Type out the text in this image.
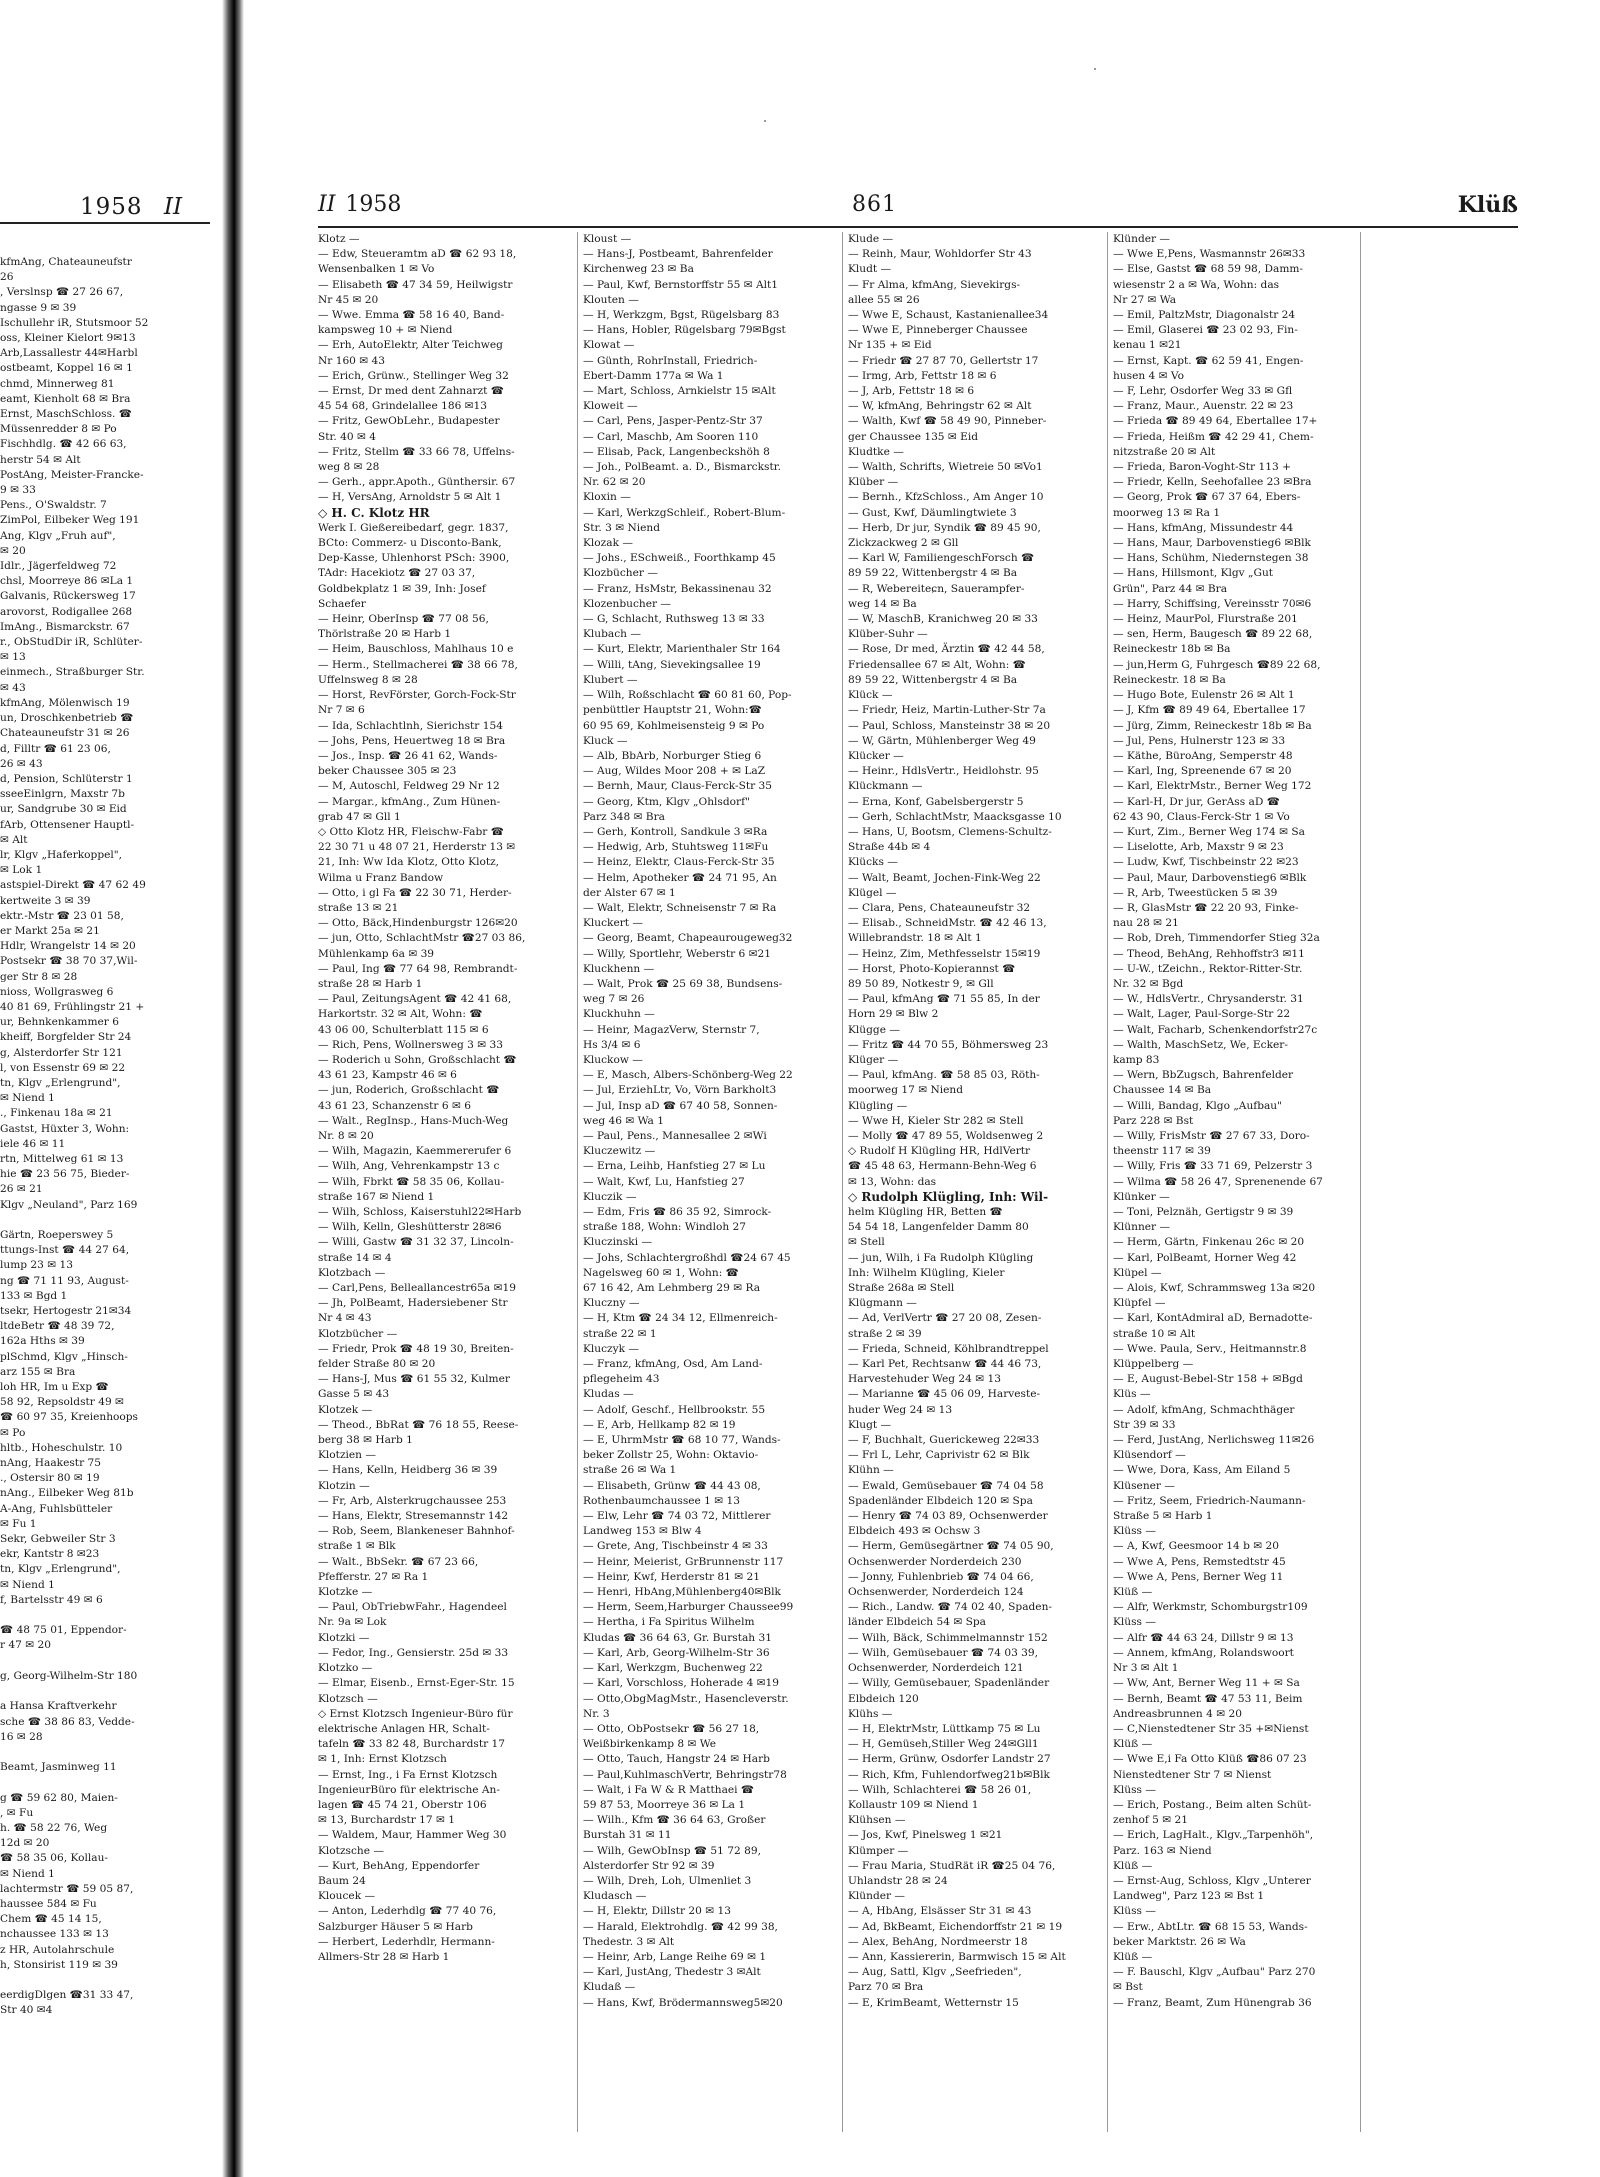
1958 II
kfmAng, Chateauneufstr
26
, Verslnsp ☎ 27 26 67,
ngasse 9 ✉ 39
Ischullehr iR, Stutsmoor 52
oss, Kleiner Kielort 9✉13
Arb,Lassallestr 44✉Harbl
ostbeamt, Koppel 16 ✉ 1
chmd, Minnerweg 81
eamt, Kienholt 68 ✉ Bra
Ernst, MaschSchloss. ☎
Müssenredder 8 ✉ Po
Fischhdlg. ☎ 42 66 63,
herstr 54 ✉ Alt
PostAng, Meister-Francke-
9 ✉ 33
Pens., O'Swaldstr. 7
ZimPol, Eilbeker Weg 191
Ang, Klgv „Fruh auf",
✉ 20
Idlr., Jägerfeldweg 72
chsl, Moorreye 86 ✉La 1
Galvanis, Rückersweg 17
arovorst, Rodigallee 268
ImAng., Bismarckstr. 67
r., ObStudDir iR, Schlüter-
✉ 13
einmech., Straßburger Str.
✉ 43
kfmAng, Mölenwisch 19
un, Droschkenbetrieb ☎
Chateauneufstr 31 ✉ 26
d, Filltr ☎ 61 23 06,
26 ✉ 43
d, Pension, Schlüterstr 1
sseeEinlgrn, Maxstr 7b
ur, Sandgrube 30 ✉ Eid
fArb, Ottensener Hauptl-
✉ Alt
lr, Klgv „Haferkoppel",
✉ Lok 1
astspiel-Direkt ☎ 47 62 49
kertweite 3 ✉ 39
ektr.-Mstr ☎ 23 01 58,
er Markt 25a ✉ 21
Hdlr, Wrangelstr 14 ✉ 20
Postsekr ☎ 38 70 37,Wil-
ger Str 8 ✉ 28
nioss, Wollgrasweg 6
40 81 69, Frühlingstr 21 +
ur, Behnkenkammer 6
kheiff, Borgfelder Str 24
g, Alsterdorfer Str 121
l, von Essenstr 69 ✉ 22
tn, Klgv „Erlengrund",
✉ Niend 1
., Finkenau 18a ✉ 21
Gastst, Hüxter 3, Wohn:
iele 46 ✉ 11
rtn, Mittelweg 61 ✉ 13
hie ☎ 23 56 75, Bieder-
26 ✉ 21
Klgv „Neuland", Parz 169

Gärtn, Roeperswey 5
ttungs-Inst ☎ 44 27 64,
lump 23 ✉ 13
ng ☎ 71 11 93, August-
133 ✉ Bgd 1
tsekr, Hertogestr 21✉34
ltdeBetr ☎ 48 39 72,
162a Hths ✉ 39
plSchmd, Klgv „Hinsch-
arz 155 ✉ Bra
loh HR, Im u Exp ☎
58 92, Repsoldstr 49 ✉
☎ 60 97 35, Kreienhoops
✉ Po
hltb., Hoheschulstr. 10
nAng, Haakestr 75
., Ostersir 80 ✉ 19
nAng., Eilbeker Weg 81b
A-Ang, Fuhlsbütteler
✉ Fu 1
Sekr, Gebweiler Str 3
ekr, Kantstr 8 ✉23
tn, Klgv „Erlengrund",
✉ Niend 1
f, Bartelsstr 49 ✉ 6

☎ 48 75 01, Eppendor-
r 47 ✉ 20

g, Georg-Wilhelm-Str 180

a Hansa Kraftverkehr
sche ☎ 38 86 83, Vedde-
16 ✉ 28

Beamt, Jasminweg 11

g ☎ 59 62 80, Maien-
, ✉ Fu
h. ☎ 58 22 76, Weg
12d ✉ 20
☎ 58 35 06, Kollau-
✉ Niend 1
lachtermstr ☎ 59 05 87,
haussee 584 ✉ Fu
Chem ☎ 45 14 15,
nchaussee 133 ✉ 13
z HR, Autolahrschule
h, Stonsirist 119 ✉ 39

eerdigDlgen ☎31 33 47,
Str 40 ✉4
II 1958	861	Klüß
Klotz —
— Edw, Steueramtm aD ☎ 62 93 18,
Wensenbalken 1 ✉ Vo
— Elisabeth ☎ 47 34 59, Heilwigstr
Nr 45 ✉ 20
— Wwe. Emma ☎ 58 16 40, Band-
kampsweg 10 + ✉ Niend
— Erh, AutoElektr, Alter Teichweg
Nr 160 ✉ 43
— Erich, Grünw., Stellinger Weg 32
— Ernst, Dr med dent Zahnarzt ☎
45 54 68, Grindelallee 186 ✉13
— Fritz, GewObLehr., Budapester
Str. 40 ✉ 4
— Fritz, Stellm ☎ 33 66 78, Uffelns-
weg 8 ✉ 28
— Gerh., appr.Apoth., Günthersir. 67
— H, VersAng, Arnoldstr 5 ✉ Alt 1
◇ H. C. Klotz HR
Werk I. Gießereibedarf, gegr. 1837,
BCto: Commerz- u Disconto-Bank,
Dep-Kasse, Uhlenhorst PSch: 3900,
TAdr: Hacekiotz ☎ 27 03 37,
Goldbekplatz 1 ✉ 39, Inh: Josef
Schaefer
— Heinr, OberInsp ☎ 77 08 56,
Thörlstraße 20 ✉ Harb 1
— Heim, Bauschloss, Mahlhaus 10 e
— Herm., Stellmacherei ☎ 38 66 78,
Uffelnsweg 8 ✉ 28
— Horst, RevFörster, Gorch-Fock-Str
Nr 7 ✉ 6
— Ida, Schlachtlnh, Sierichstr 154
— Johs, Pens, Heuertweg 18 ✉ Bra
— Jos., Insp. ☎ 26 41 62, Wands-
beker Chaussee 305 ✉ 23
— M, Autoschl, Feldweg 29 Nr 12
— Margar., kfmAng., Zum Hünen-
grab 47 ✉ Gll 1
◇ Otto Klotz HR, Fleischw-Fabr ☎
22 30 71 u 48 07 21, Herderstr 13 ✉
21, Inh: Ww Ida Klotz, Otto Klotz,
Wilma u Franz Bandow
— Otto, i gl Fa ☎ 22 30 71, Herder-
straße 13 ✉ 21
— Otto, Bäck,Hindenburgstr 126✉20
— jun, Otto, SchlachtMstr ☎27 03 86,
Mühlenkamp 6a ✉ 39
— Paul, Ing ☎ 77 64 98, Rembrandt-
straße 28 ✉ Harb 1
— Paul, ZeitungsAgent ☎ 42 41 68,
Harkortstr. 32 ✉ Alt, Wohn: ☎
43 06 00, Schulterblatt 115 ✉ 6
— Rich, Pens, Wollnersweg 3 ✉ 33
— Roderich u Sohn, Großschlacht ☎
43 61 23, Kampstr 46 ✉ 6
— jun, Roderich, Großschlacht ☎
43 61 23, Schanzenstr 6 ✉ 6
— Walt., RegInsp., Hans-Much-Weg
Nr. 8 ✉ 20
— Wilh, Magazin, Kaemmererufer 6
— Wilh, Ang, Vehrenkampstr 13 c
— Wilh, Fbrkt ☎ 58 35 06, Kollau-
straße 167 ✉ Niend 1
— Wilh, Schloss, Kaiserstuhl22✉Harb
— Wilh, Kelln, Gleshütterstr 28✉6
— Willi, Gastw ☎ 31 32 37, Lincoln-
straße 14 ✉ 4
Klotzbach —
— Carl,Pens, Belleallancestr65a ✉19
— Jh, PolBeamt, Hadersiebener Str
Nr 4 ✉ 43
Klotzbücher —
— Friedr, Prok ☎ 48 19 30, Breiten-
felder Straße 80 ✉ 20
— Hans-J, Mus ☎ 61 55 32, Kulmer
Gasse 5 ✉ 43
Klotzek —
— Theod., BbRat ☎ 76 18 55, Reese-
berg 38 ✉ Harb 1
Klotzien —
— Hans, Kelln, Heidberg 36 ✉ 39
Klotzin —
— Fr, Arb, Alsterkrugchaussee 253
— Hans, Elektr, Stresemannstr 142
— Rob, Seem, Blankeneser Bahnhof-
straße 1 ✉ Blk
— Walt., BbSekr. ☎ 67 23 66,
Pfefferstr. 27 ✉ Ra 1
Klotzke —
— Paul, ObTriebwFahr., Hagendeel
Nr. 9a ✉ Lok
Klotzki —
— Fedor, Ing., Gensierstr. 25d ✉ 33
Klotzko —
— Elmar, Eisenb., Ernst-Eger-Str. 15
Klotzsch —
◇ Ernst Klotzsch Ingenieur-Büro für
elektrische Anlagen HR, Schalt-
tafeln ☎ 33 82 48, Burchardstr 17
✉ 1, Inh: Ernst Klotzsch
— Ernst, Ing., i Fa Ernst Klotzsch
IngenieurBüro für elektrische An-
lagen ☎ 45 74 21, Oberstr 106
✉ 13, Burchardstr 17 ✉ 1
— Waldem, Maur, Hammer Weg 30
Klotzsche —
— Kurt, BehAng, Eppendorfer
Baum 24
Kloucek —
— Anton, Lederhdlg ☎ 77 40 76,
Salzburger Häuser 5 ✉ Harb
— Herbert, Lederhdlr, Hermann-
Allmers-Str 28 ✉ Harb 1
Kloust —
— Hans-J, Postbeamt, Bahrenfelder
Kirchenweg 23 ✉ Ba
— Paul, Kwf, Bernstorffstr 55 ✉ Alt1
Klouten —
— H, Werkzgm, Bgst, Rügelsbarg 83
— Hans, Hobler, Rügelsbarg 79✉Bgst
Klowat —
— Günth, RohrInstall, Friedrich-
Ebert-Damm 177a ✉ Wa 1
— Mart, Schloss, Arnkielstr 15 ✉Alt
Kloweit —
— Carl, Pens, Jasper-Pentz-Str 37
— Carl, Maschb, Am Sooren 110
— Elisab, Pack, Langenbeckshöh 8
— Joh., PolBeamt. a. D., Bismarckstr.
Nr. 62 ✉ 20
Kloxin —
— Karl, WerkzgSchleif., Robert-Blum-
Str. 3 ✉ Niend
Klozak —
— Johs., ESchweiß., Foorthkamp 45
Klozbücher —
— Franz, HsMstr, Bekassinenau 32
Klozenbucher —
— G, Schlacht, Ruthsweg 13 ✉ 33
Klubach —
— Kurt, Elektr, Marienthaler Str 164
— Willi, tAng, Sievekingsallee 19
Klubert —
— Wilh, Roßschlacht ☎ 60 81 60, Pop-
penbüttler Hauptstr 21, Wohn:☎
60 95 69, Kohlmeisensteig 9 ✉ Po
Kluck —
— Alb, BbArb, Norburger Stieg 6
— Aug, Wildes Moor 208 + ✉ LaZ
— Bernh, Maur, Claus-Ferck-Str 35
— Georg, Ktm, Klgv „Ohlsdorf"
Parz 348 ✉ Bra
— Gerh, Kontroll, Sandkule 3 ✉Ra
— Hedwig, Arb, Stuhtsweg 11✉Fu
— Heinz, Elektr, Claus-Ferck-Str 35
— Helm, Apotheker ☎ 24 71 95, An
der Alster 67 ✉ 1
— Walt, Elektr, Schneisenstr 7 ✉ Ra
Kluckert —
— Georg, Beamt, Chapeaurougeweg32
— Willy, Sportlehr, Weberstr 6 ✉21
Kluckhenn —
— Walt, Prok ☎ 25 69 38, Bundsens-
weg 7 ✉ 26
Kluckhuhn —
— Heinr, MagazVerw, Sternstr 7,
Hs 3/4 ✉ 6
Kluckow —
— E, Masch, Albers-Schönberg-Weg 22
— Jul, ErziehLtr, Vo, Vörn Barkholt3
— Jul, Insp aD ☎ 67 40 58, Sonnen-
weg 46 ✉ Wa 1
— Paul, Pens., Mannesallee 2 ✉Wi
Kluczewitz —
— Erna, Leihb, Hanfstieg 27 ✉ Lu
— Walt, Kwf, Lu, Hanfstieg 27
Kluczik —
— Edm, Fris ☎ 86 35 92, Simrock-
straße 188, Wohn: Windloh 27
Kluczinski —
— Johs, Schlachtergroßhdl ☎24 67 45
Nagelsweg 60 ✉ 1, Wohn: ☎
67 16 42, Am Lehmberg 29 ✉ Ra
Kluczny —
— H, Ktm ☎ 24 34 12, Ellmenreich-
straße 22 ✉ 1
Kluczyk —
— Franz, kfmAng, Osd, Am Land-
pflegeheim 43
Kludas —
— Adolf, Geschf., Hellbrookstr. 55
— E, Arb, Hellkamp 82 ✉ 19
— E, UhrmMstr ☎ 68 10 77, Wands-
beker Zollstr 25, Wohn: Oktavio-
straße 26 ✉ Wa 1
— Elisabeth, Grünw ☎ 44 43 08,
Rothenbaumchaussee 1 ✉ 13
— Elw, Lehr ☎ 74 03 72, Mittlerer
Landweg 153 ✉ Blw 4
— Grete, Ang, Tischbeinstr 4 ✉ 33
— Heinr, Meierist, GrBrunnenstr 117
— Heinr, Kwf, Herderstr 81 ✉ 21
— Henri, HbAng,Mühlenberg40✉Blk
— Herm, Seem,Harburger Chaussee99
— Hertha, i Fa Spiritus Wilhelm
Kludas ☎ 36 64 63, Gr. Burstah 31
— Karl, Arb, Georg-Wilhelm-Str 36
— Karl, Werkzgm, Buchenweg 22
— Karl, Vorschloss, Hoherade 4 ✉19
— Otto,ObgMagMstr., Hasencleverstr.
Nr. 3
— Otto, ObPostsekr ☎ 56 27 18,
Weißbirkenkamp 8 ✉ We
— Otto, Tauch, Hangstr 24 ✉ Harb
— Paul,KuhlmaschVertr, Behringstr78
— Walt, i Fa W & R Matthaei ☎
59 87 53, Moorreye 36 ✉ La 1
— Wilh., Kfm ☎ 36 64 63, Großer
Burstah 31 ✉ 11
— Wilh, GewObInsp ☎ 51 72 89,
Alsterdorfer Str 92 ✉ 39
— Wilh, Dreh, Loh, Ulmenliet 3
Kludasch —
— H, Elektr, Dillstr 20 ✉ 13
— Harald, Elektrohdlg. ☎ 42 99 38,
Thedestr. 3 ✉ Alt
— Heinr, Arb, Lange Reihe 69 ✉ 1
— Karl, JustAng, Thedestr 3 ✉Alt
Kludaß —
— Hans, Kwf, Brödermannsweg5✉20
Klude —
— Reinh, Maur, Wohldorfer Str 43
Kludt —
— Fr Alma, kfmAng, Sievekirgs-
allee 55 ✉ 26
— Wwe E, Schaust, Kastanienallee34
— Wwe E, Pinneberger Chaussee
Nr 135 + ✉ Eid
— Friedr ☎ 27 87 70, Gellertstr 17
— Irmg, Arb, Fettstr 18 ✉ 6
— J, Arb, Fettstr 18 ✉ 6
— W, kfmAng, Behringstr 62 ✉ Alt
— Walth, Kwf ☎ 58 49 90, Pinneber-
ger Chaussee 135 ✉ Eid
Kludtke —
— Walth, Schrifts, Wietreie 50 ✉Vo1
Klüber —
— Bernh., KfzSchloss., Am Anger 10
— Gust, Kwf, Däumlingtwiete 3
— Herb, Dr jur, Syndik ☎ 89 45 90,
Zickzackweg 2 ✉ Gll
— Karl W, FamiliengeschForsch ☎
89 59 22, Wittenbergstr 4 ✉ Ba
— R, Webereiteɕn, Sauerampfer-
weg 14 ✉ Ba
— W, MaschB, Kranichweg 20 ✉ 33
Klüber-Suhr —
— Rose, Dr med, Ärztin ☎ 42 44 58,
Friedensallee 67 ✉ Alt, Wohn: ☎
89 59 22, Wittenbergstr 4 ✉ Ba
Klück —
— Friedr, Heiz, Martin-Luther-Str 7a
— Paul, Schloss, Mansteinstr 38 ✉ 20
— W, Gärtn, Mühlenberger Weg 49
Klücker —
— Heinr., HdlsVertr., Heidlohstr. 95
Klückmann —
— Erna, Konf, Gabelsbergerstr 5
— Gerh, SchlachtMstr, Maacksgasse 10
— Hans, U, Bootsm, Clemens-Schultz-
Straße 44b ✉ 4
Klücks —
— Walt, Beamt, Jochen-Fink-Weg 22
Klügel —
— Clara, Pens, Chateauneufstr 32
— Elisab., SchneidMstr. ☎ 42 46 13,
Willebrandstr. 18 ✉ Alt 1
— Heinz, Zim, Methfesselstr 15✉19
— Horst, Photo-Kopierannst ☎
89 50 89, Notkestr 9, ✉ Gll
— Paul, kfmAng ☎ 71 55 85, In der
Horn 29 ✉ Blw 2
Klügge —
— Fritz ☎ 44 70 55, Böhmersweg 23
Klüger —
— Paul, kfmAng. ☎ 58 85 03, Röth-
moorweg 17 ✉ Niend
Klügling —
— Wwe H, Kieler Str 282 ✉ Stell
— Molly ☎ 47 89 55, Woldsenweg 2
◇ Rudolf H Klügling HR, HdlVertr
☎ 45 48 63, Hermann-Behn-Weg 6
✉ 13, Wohn: das
◇ Rudolph Klügling, Inh: Wil-
helm Klügling HR, Betten ☎
54 54 18, Langenfelder Damm 80
✉ Stell
— jun, Wilh, i Fa Rudolph Klügling
Inh: Wilhelm Klügling, Kieler
Straße 268a ✉ Stell
Klügmann —
— Ad, VerlVertr ☎ 27 20 08, Zesen-
straße 2 ✉ 39
— Frieda, Schneid, Köhlbrandtreppel
— Karl Pet, Rechtsanw ☎ 44 46 73,
Harvestehuder Weg 24 ✉ 13
— Marianne ☎ 45 06 09, Harveste-
huder Weg 24 ✉ 13
Klugt —
— F, Buchhalt, Guerickeweg 22✉33
— Frl L, Lehr, Caprivistr 62 ✉ Blk
Klühn —
— Ewald, Gemüsebauer ☎ 74 04 58
Spadenländer Elbdeich 120 ✉ Spa
— Henry ☎ 74 03 89, Ochsenwerder
Elbdeich 493 ✉ Ochsw 3
— Herm, Gemüsegärtner ☎ 74 05 90,
Ochsenwerder Norderdeich 230
— Jonny, Fuhlenbrieb ☎ 74 04 66,
Ochsenwerder, Norderdeich 124
— Rich., Landw. ☎ 74 02 40, Spaden-
länder Elbdeich 54 ✉ Spa
— Wilh, Bäck, Schimmelmannstr 152
— Wilh, Gemüsebauer ☎ 74 03 39,
Ochsenwerder, Norderdeich 121
— Willy, Gemüsebauer, Spadenländer
Elbdeich 120
Klühs —
— H, ElektrMstr, Lüttkamp 75 ✉ Lu
— H, Gemüseh,Stiller Weg 24✉Gll1
— Herm, Grünw, Osdorfer Landstr 27
— Rich, Kfm, Fuhlendorfweg21b✉Blk
— Wilh, Schlachterei ☎ 58 26 01,
Kollaustr 109 ✉ Niend 1
Klühsen —
— Jos, Kwf, Pinelsweg 1 ✉21
Klümper —
— Frau Maria, StudRät iR ☎25 04 76,
Uhlandstr 28 ✉ 24
Klünder —
— A, HbAng, Elsässer Str 31 ✉ 43
— Ad, BkBeamt, Eichendorffstr 21 ✉ 19
— Alex, BehAng, Nordmeerstr 18
— Ann, Kassiererin, Barmwisch 15 ✉ Alt
— Aug, Sattl, Klgv „Seefrieden",
Parz 70 ✉ Bra
— E, KrimBeamt, Wetternstr 15
Klünder —
— Wwe E,Pens, Wasmannstr 26✉33
— Else, Gastst ☎ 68 59 98, Damm-
wiesenstr 2 a ✉ Wa, Wohn: das
Nr 27 ✉ Wa
— Emil, PaltzMstr, Diagonalstr 24
— Emil, Glaserei ☎ 23 02 93, Fin-
kenau 1 ✉21
— Ernst, Kapt. ☎ 62 59 41, Engen-
husen 4 ✉ Vo
— F, Lehr, Osdorfer Weg 33 ✉ Gfl
— Franz, Maur., Auenstr. 22 ✉ 23
— Frieda ☎ 89 49 64, Ebertallee 17+
— Frieda, Heißm ☎ 42 29 41, Chem-
nitzstraße 20 ✉ Alt
— Frieda, Baron-Voght-Str 113 +
— Friedr, Kelln, Seehofallee 23 ✉Bra
— Georg, Prok ☎ 67 37 64, Ebers-
moorweg 13 ✉ Ra 1
— Hans, kfmAng, Missundestr 44
— Hans, Maur, Darbovenstieg6 ✉Blk
— Hans, Schühm, Niedernstegen 38
— Hans, Hillsmont, Klgv „Gut
Grün", Parz 44 ✉ Bra
— Harry, Schiffsing, Vereinsstr 70✉6
— Heinz, MaurPol, Flurstraße 201
— sen, Herm, Baugesch ☎ 89 22 68,
Reineckestr 18b ✉ Ba
— jun,Herm G, Fuhrgesch ☎89 22 68,
Reineckestr. 18 ✉ Ba
— Hugo Bote, Eulenstr 26 ✉ Alt 1
— J, Kfm ☎ 89 49 64, Ebertallee 17
— Jürg, Zimm, Reineckestr 18b ✉ Ba
— Jul, Pens, Hulnerstr 123 ✉ 33
— Käthe, BüroAng, Semperstr 48
— Karl, Ing, Spreenende 67 ✉ 20
— Karl, ElektrMstr., Berner Weg 172
— Karl-H, Dr jur, GerAss aD ☎
62 43 90, Claus-Ferck-Str 1 ✉ Vo
— Kurt, Zim., Berner Weg 174 ✉ Sa
— Liselotte, Arb, Maxstr 9 ✉ 23
— Ludw, Kwf, Tischbeinstr 22 ✉23
— Paul, Maur, Darbovenstieg6 ✉Blk
— R, Arb, Tweestücken 5 ✉ 39
— R, GlasMstr ☎ 22 20 93, Finke-
nau 28 ✉ 21
— Rob, Dreh, Timmendorfer Stieg 32a
— Theod, BehAng, Rehhoffstr3 ✉11
— U-W., tZeichn., Rektor-Ritter-Str.
Nr. 32 ✉ Bgd
— W., HdlsVertr., Chrysanderstr. 31
— Walt, Lager, Paul-Sorge-Str 22
— Walt, Facharb, Schenkendorfstr27c
— Walth, MaschSetz, We, Ecker-
kamp 83
— Wern, BbZugsch, Bahrenfelder
Chaussee 14 ✉ Ba
— Willi, Bandag, Klgo „Aufbau"
Parz 228 ✉ Bst
— Willy, FrisMstr ☎ 27 67 33, Doro-
theenstr 117 ✉ 39
— Willy, Fris ☎ 33 71 69, Pelzerstr 3
— Wilma ☎ 58 26 47, Sprenenende 67
Klünker —
— Toni, Pelznäh, Gertigstr 9 ✉ 39
Klünner —
— Herm, Gärtn, Finkenau 26c ✉ 20
— Karl, PolBeamt, Horner Weg 42
Klüpel —
— Alois, Kwf, Schrammsweg 13a ✉20
Klüpfel —
— Karl, KontAdmiral aD, Bernadotte-
straße 10 ✉ Alt
— Wwe. Paula, Serv., Heitmannstr.8
Klüppelberg —
— E, August-Bebel-Str 158 + ✉Bgd
Klüs —
— Adolf, kfmAng, Schmachthäger
Str 39 ✉ 33
— Ferd, JustAng, Nerlichsweg 11✉26
Klüsendorf —
— Wwe, Dora, Kass, Am Eiland 5
Klüsener —
— Fritz, Seem, Friedrich-Naumann-
Straße 5 ✉ Harb 1
Klüss —
— A, Kwf, Geesmoor 14 b ✉ 20
— Wwe A, Pens, Remstedtstr 45
— Wwe A, Pens, Berner Weg 11
Klüß —
— Alfr, Werkmstr, Schomburgstr109
Klüss —
— Alfr ☎ 44 63 24, Dillstr 9 ✉ 13
— Annem, kfmAng, Rolandswoort
Nr 3 ✉ Alt 1
— Ww, Ant, Berner Weg 11 + ✉ Sa
— Bernh, Beamt ☎ 47 53 11, Beim
Andreasbrunnen 4 ✉ 20
— C,Nienstedtener Str 35 +✉Nienst
Klüß —
— Wwe E,i Fa Otto Klüß ☎86 07 23
Nienstedtener Str 7 ✉ Nienst
Klüss —
— Erich, Postang., Beim alten Schüt-
zenhof 5 ✉ 21
— Erich, LagHalt., Klgv.„Tarpenhöh",
Parz. 163 ✉ Niend
Klüß —
— Ernst-Aug, Schloss, Klgv „Unterer
Landweg", Parz 123 ✉ Bst 1
Klüss —
— Erw., AbtLtr. ☎ 68 15 53, Wands-
beker Marktstr. 26 ✉ Wa
Klüß —
— F. Bauschl, Klgv „Aufbau" Parz 270
✉ Bst
— Franz, Beamt, Zum Hünengrab 36
